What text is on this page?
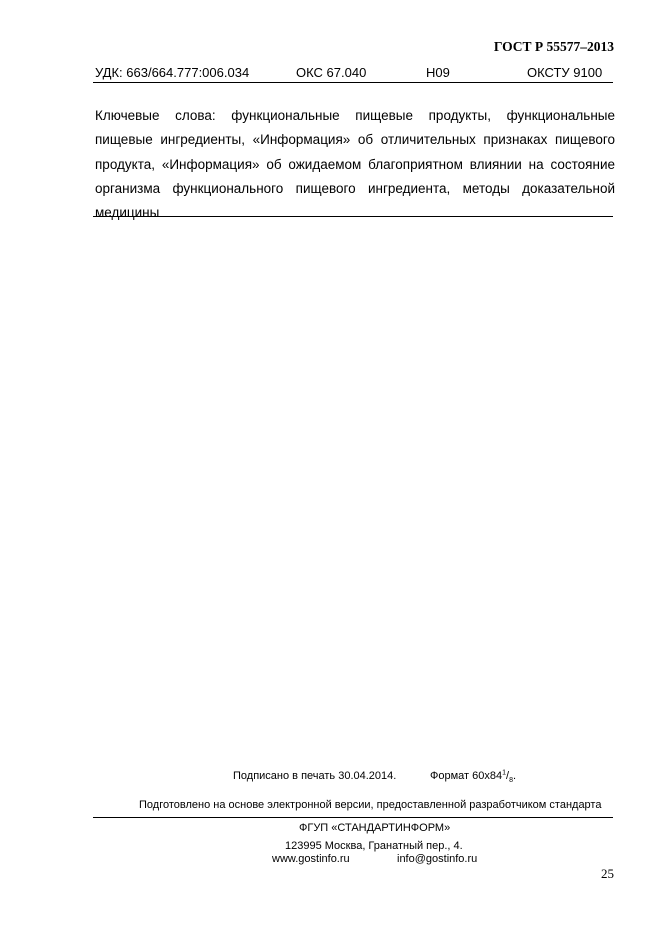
ГОСТ Р 55577–2013
УДК: 663/664.777:006.034	ОКС 67.040	Н09	ОКСТУ 9100
Ключевые слова: функциональные пищевые продукты, функциональные пищевые ингредиенты, «Информация» об отличительных признаках пищевого продукта, «Информация» об ожидаемом благоприятном влиянии на состояние организма функционального пищевого ингредиента, методы доказательной медицины
Подписано в печать 30.04.2014.	Формат $60x84^1/_8$.
Подготовлено на основе электронной версии, предоставленной разработчиком стандарта
ФГУП «СТАНДАРТИНФОРМ»
123995 Москва, Гранатный пер., 4.
www.gostinfo.ru	info@gostinfo.ru
25
